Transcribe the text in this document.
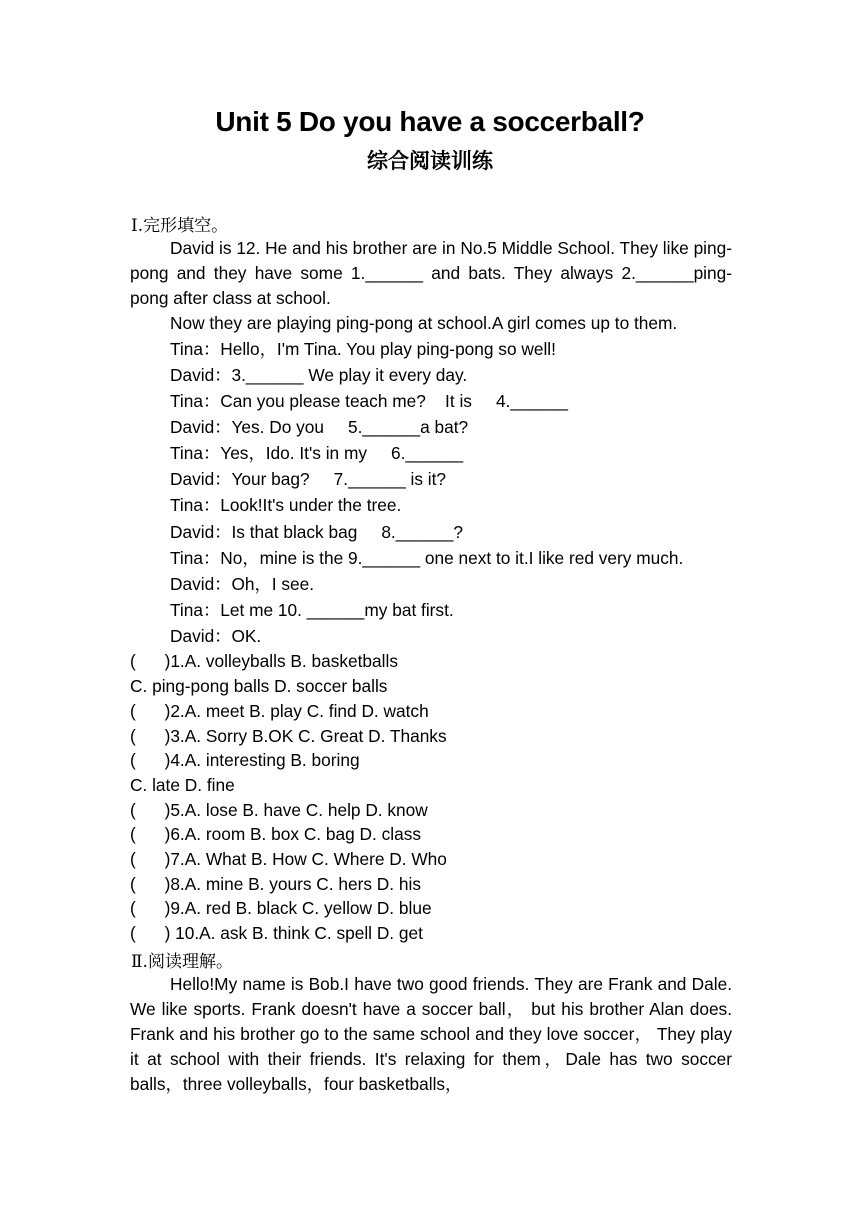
Unit 5 Do you have a soccerball?
综合阅读训练
Ⅰ.完形填空。

David is 12. He and his brother are in No.5 Middle School. They like ping-pong and they have some 1.______ and bats. They always 2.______ping-pong after class at school.

Now they are playing ping-pong at school.A girl comes up to them.
Tina：Hello，I'm Tina. You play ping-pong so well!
David：3.______ We play it every day.
Tina：Can you please teach me?    It is     4.______
David：Yes. Do you     5.______a bat?
Tina：Yes，Ido. It's in my     6.______
David：Your bag?     7.______ is it?
Tina：Look!It's under the tree.
David：Is that black bag     8.______?
Tina：No，mine is the 9.______ one next to it.I like red very much.
David：Oh，I see.
Tina：Let me 10. ______my bat first.
David：OK.
(      )1.A. volleyballs B. basketballs
C. ping-pong balls D. soccer balls
(      )2.A. meet B. play C. find D. watch
(      )3.A. Sorry B.OK C. Great D. Thanks
(      )4.A. interesting B. boring
C. late D. fine
(      )5.A. lose B. have C. help D. know
(      )6.A. room B. box C. bag D. class
(      )7.A. What B. How C. Where D. Who
(      )8.A. mine B. yours C. hers D. his
(      )9.A. red B. black C. yellow D. blue
(      ) 10.A. ask B. think C. spell D. get
Ⅱ.阅读理解。

Hello!My name is Bob.I have two good friends. They are Frank and Dale. We like sports. Frank doesn't have a soccer ball， but his brother Alan does. Frank and his brother go to the same school and they love soccer， They play it at school with their friends. It's relaxing for them，Dale has two soccer balls，three volleyballs，four basketballs，
